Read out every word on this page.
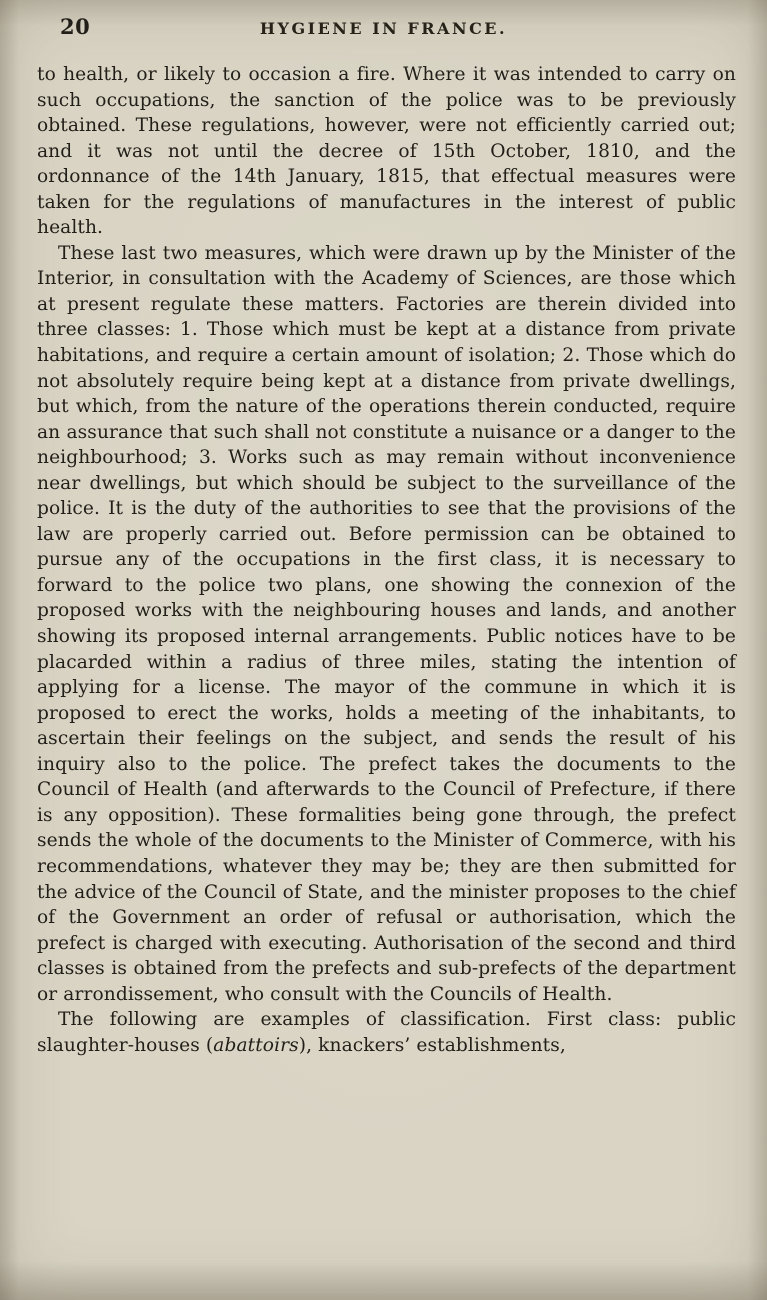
20	HYGIENE IN FRANCE.

to health, or likely to occasion a fire. Where it was intended to carry on such occupations, the sanction of the police was to be previously obtained. These regulations, however, were not efficiently carried out; and it was not until the decree of 15th October, 1810, and the ordonnance of the 14th January, 1815, that effectual measures were taken for the regulations of manufactures in the interest of public health.

These last two measures, which were drawn up by the Minister of the Interior, in consultation with the Academy of Sciences, are those which at present regulate these matters. Factories are therein divided into three classes: 1. Those which must be kept at a distance from private habitations, and require a certain amount of isolation; 2. Those which do not absolutely require being kept at a distance from private dwellings, but which, from the nature of the operations therein conducted, require an assurance that such shall not constitute a nuisance or a danger to the neighbourhood; 3. Works such as may remain without inconvenience near dwellings, but which should be subject to the surveillance of the police. It is the duty of the authorities to see that the provisions of the law are properly carried out. Before permission can be obtained to pursue any of the occupations in the first class, it is necessary to forward to the police two plans, one showing the connexion of the proposed works with the neighbouring houses and lands, and another showing its proposed internal arrangements. Public notices have to be placarded within a radius of three miles, stating the intention of applying for a license. The mayor of the commune in which it is proposed to erect the works, holds a meeting of the inhabitants, to ascertain their feelings on the subject, and sends the result of his inquiry also to the police. The prefect takes the documents to the Council of Health (and afterwards to the Council of Prefecture, if there is any opposition). These formalities being gone through, the prefect sends the whole of the documents to the Minister of Commerce, with his recommendations, whatever they may be; they are then submitted for the advice of the Council of State, and the minister proposes to the chief of the Government an order of refusal or authorisation, which the prefect is charged with executing. Authorisation of the second and third classes is obtained from the prefects and sub-prefects of the department or arrondissement, who consult with the Councils of Health.

The following are examples of classification. First class: public slaughter-houses (abattoirs), knackers’ establishments,
